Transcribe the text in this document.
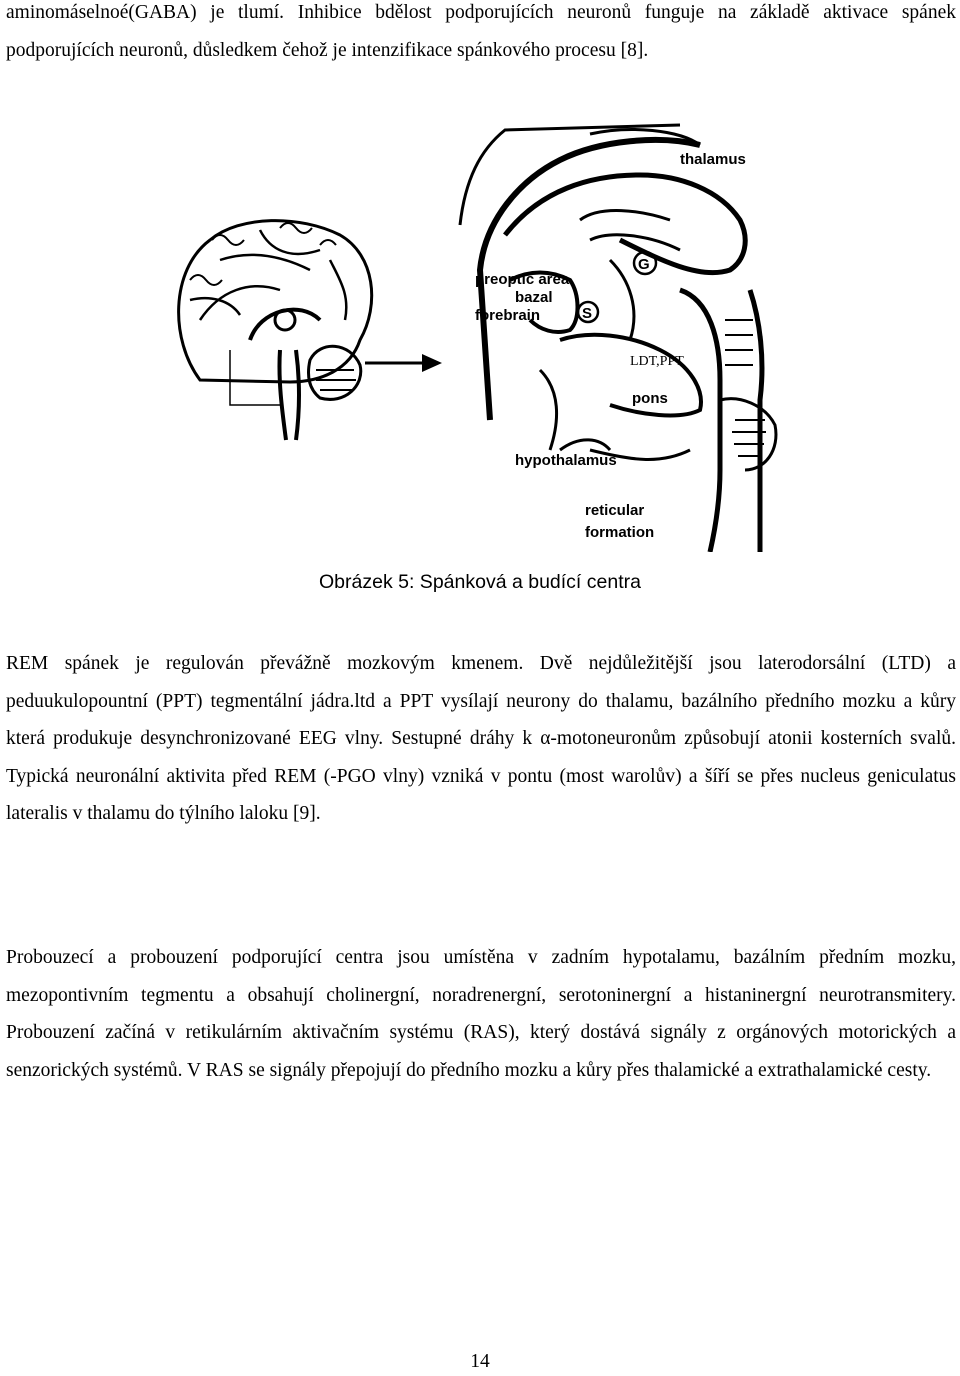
aminomáselnoé(GABA) je tlumí. Inhibice bdělost podporujících neuronů funguje na základě aktivace spánek podporujících neuronů, důsledkem čehož je intenzifikace spánkového procesu [8].

G
S
thalamus
preoptic area
bazal
forebrain
LDT,PPT
pons
hypothalamus
reticular
formation
Obrázek 5: Spánková a budící centra

REM spánek je regulován převážně mozkovým kmenem. Dvě nejdůležitější jsou laterodorsální (LTD) a peduukulopountní (PPT) tegmentální jádra.ltd a PPT vysílají neurony do thalamu, bazálního předního mozku a kůry která produkuje desynchronizované EEG vlny. Sestupné dráhy k α-motoneuronům způsobují atonii kosterních svalů. Typická neuronální aktivita před REM (-PGO vlny) vzniká v pontu (most warolův) a šíří se přes nucleus geniculatus lateralis v thalamu do týlního laloku [9].

Probouzecí a probouzení podporující centra jsou umístěna v zadním hypotalamu, bazálním předním mozku, mezopontivním tegmentu a obsahují cholinergní, noradrenergní, serotoninergní a histaninergní neurotransmitery. Probouzení začíná v retikulárním aktivačním systému (RAS), který dostává signály z orgánových motorických a senzorických systémů. V RAS se signály přepojují do předního mozku a kůry přes thalamické a extrathalamické cesty.

14
